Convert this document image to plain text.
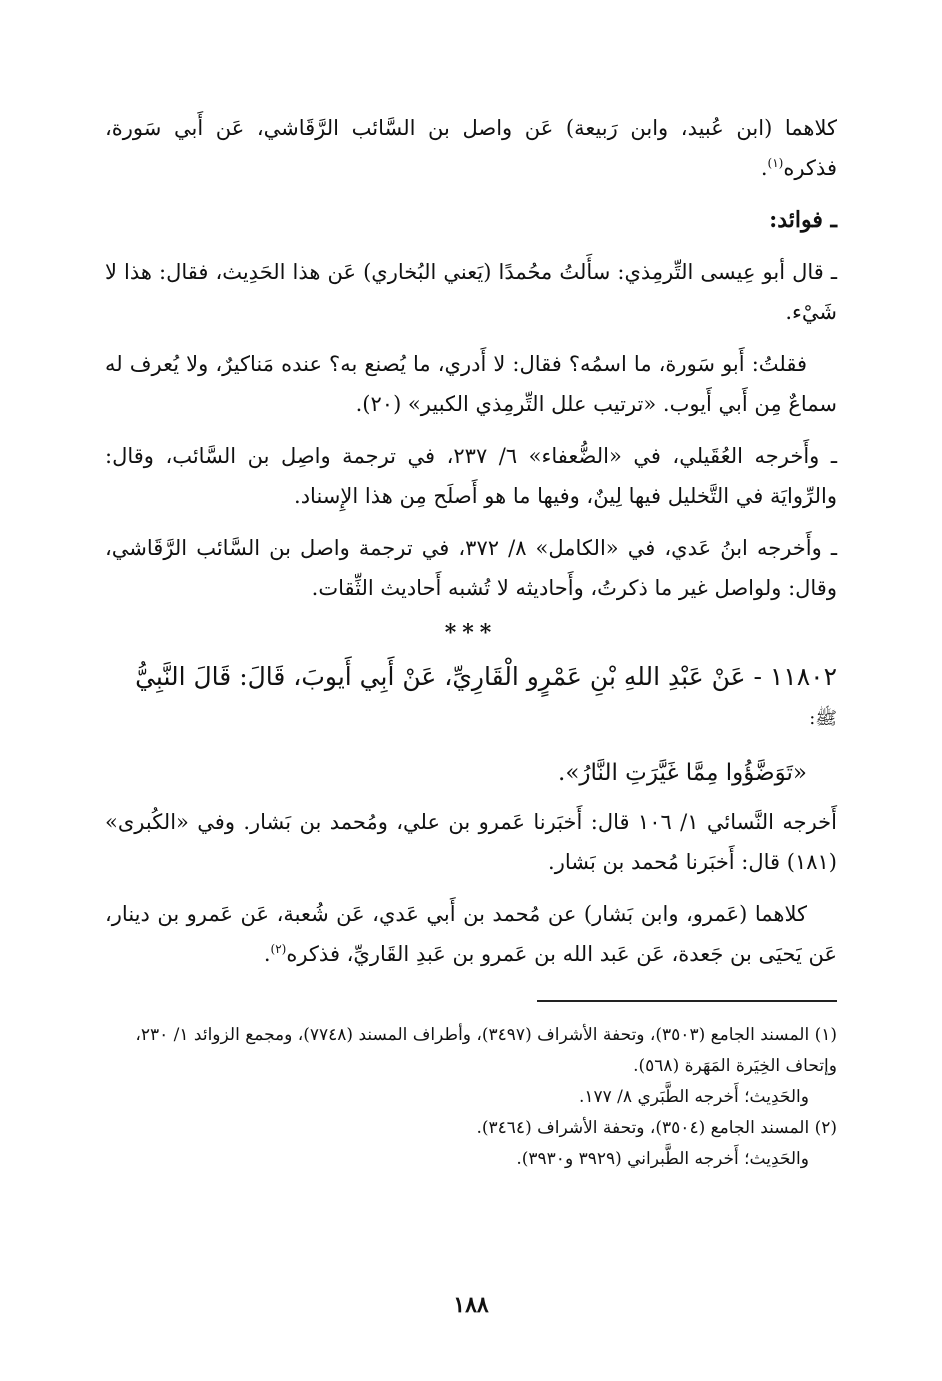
كلاهما (ابن عُبيد، وابن رَبيعة) عَن واصل بن السَّائب الرَّقَاشي، عَن أَبي سَورة، فذكره$^{(١)}$.

ـ فوائد:

ـ قال أبو عِيسى التِّرمِذي: سأَلتُ محُمدًا (يَعني البُخاري) عَن هذا الحَدِيث، فقال: هذا لا شَيْء.

فقلتُ: أَبو سَورة، ما اسمُه؟ فقال: لا أَدري، ما يُصنع به؟ عنده مَناكيرٌ، ولا يُعرف له سماعٌ مِن أَبي أَيوب. «ترتيب علل التِّرمِذي الكبير» (٢٠).

ـ وأَخرجه العُقَيلي، في «الضُّعفاء» ٦/ ٢٣٧، في ترجمة واصِل بن السَّائب، وقال: والرِّوايَة في التَّخليل فيها لِينٌ، وفيها ما هو أَصلَح مِن هذا الإِسناد.

ـ وأَخرجه ابنُ عَدي، في «الكامل» ٨/ ٣٧٢، في ترجمة واصل بن السَّائب الرَّقَاشي، وقال: ولواصل غير ما ذكرتُ، وأَحاديثه لا تُشبه أَحاديث الثِّقات.

***

١١٨٠٢ - عَنْ عَبْدِ اللهِ بْنِ عَمْرٍو الْقَارِيِّ، عَنْ أَبِي أَيوبَ، قَالَ: قَالَ النَّبِيُّ
ﷺ:

«تَوَضَّؤُوا مِمَّا غَيَّرَتِ النَّارُ».

أَخرجه النَّسائي ١/ ١٠٦ قال: أَخبَرنا عَمرو بن علي، ومُحمد بن بَشار. وفي «الكُبرى» (١٨١) قال: أَخبَرنا مُحمد بن بَشار.

كلاهما (عَمرو، وابن بَشار) عن مُحمد بن أَبي عَدي، عَن شُعبة، عَن عَمرو بن دينار، عَن يَحيَى بن جَعدة، عَن عَبد الله بن عَمرو بن عَبدِ القَاريِّ، فذكره$^{(٢)}$.

(١) المسند الجامع (٣٥٠٣)، وتحفة الأشراف (٣٤٩٧)، وأطراف المسند (٧٧٤٨)، ومجمع الزوائد ١/ ٢٣٠، وإتحاف الخِيَرة المَهَرة (٥٦٨).

والحَدِيث؛ أَخرجه الطَّبَري ٨/ ١٧٧.

(٢) المسند الجامع (٣٥٠٤)، وتحفة الأشراف (٣٤٦٤).

والحَدِيث؛ أَخرجه الطَّبراني (٣٩٢٩ و٣٩٣٠).

١٨٨
